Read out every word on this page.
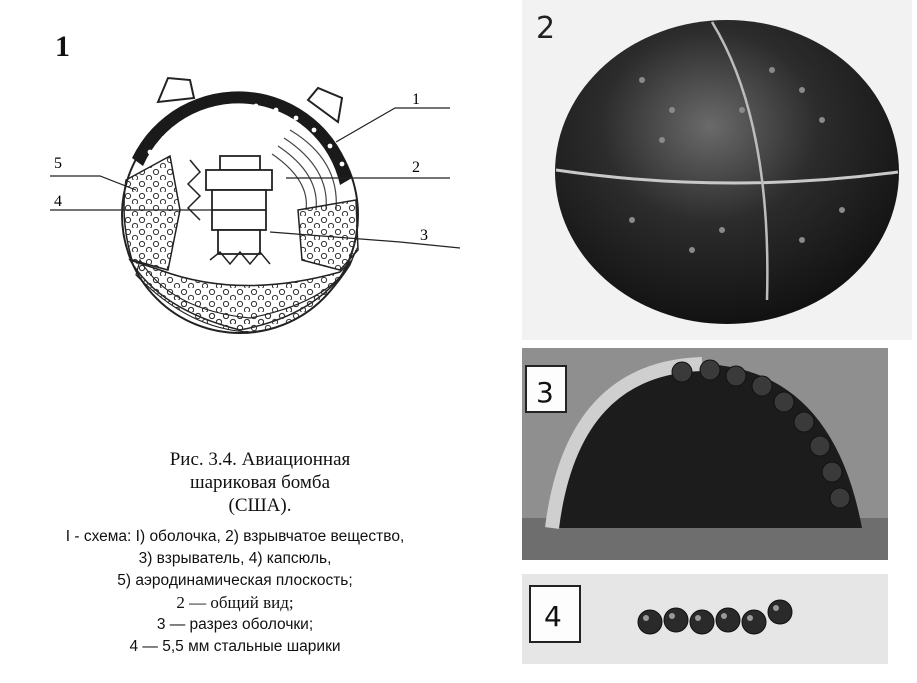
1
1
2
3
4
5
Рис. 3.4. Авиационная
шариковая бомба
(США).
I - схема: I) оболочка, 2) взрывчатое вещество,
3) взрыватель, 4) капсюль,
5) аэродинамическая плоскость;
2 — общий вид;
3 — разрез оболочки;
4 — 5,5 мм стальные шарики
2
3
4
